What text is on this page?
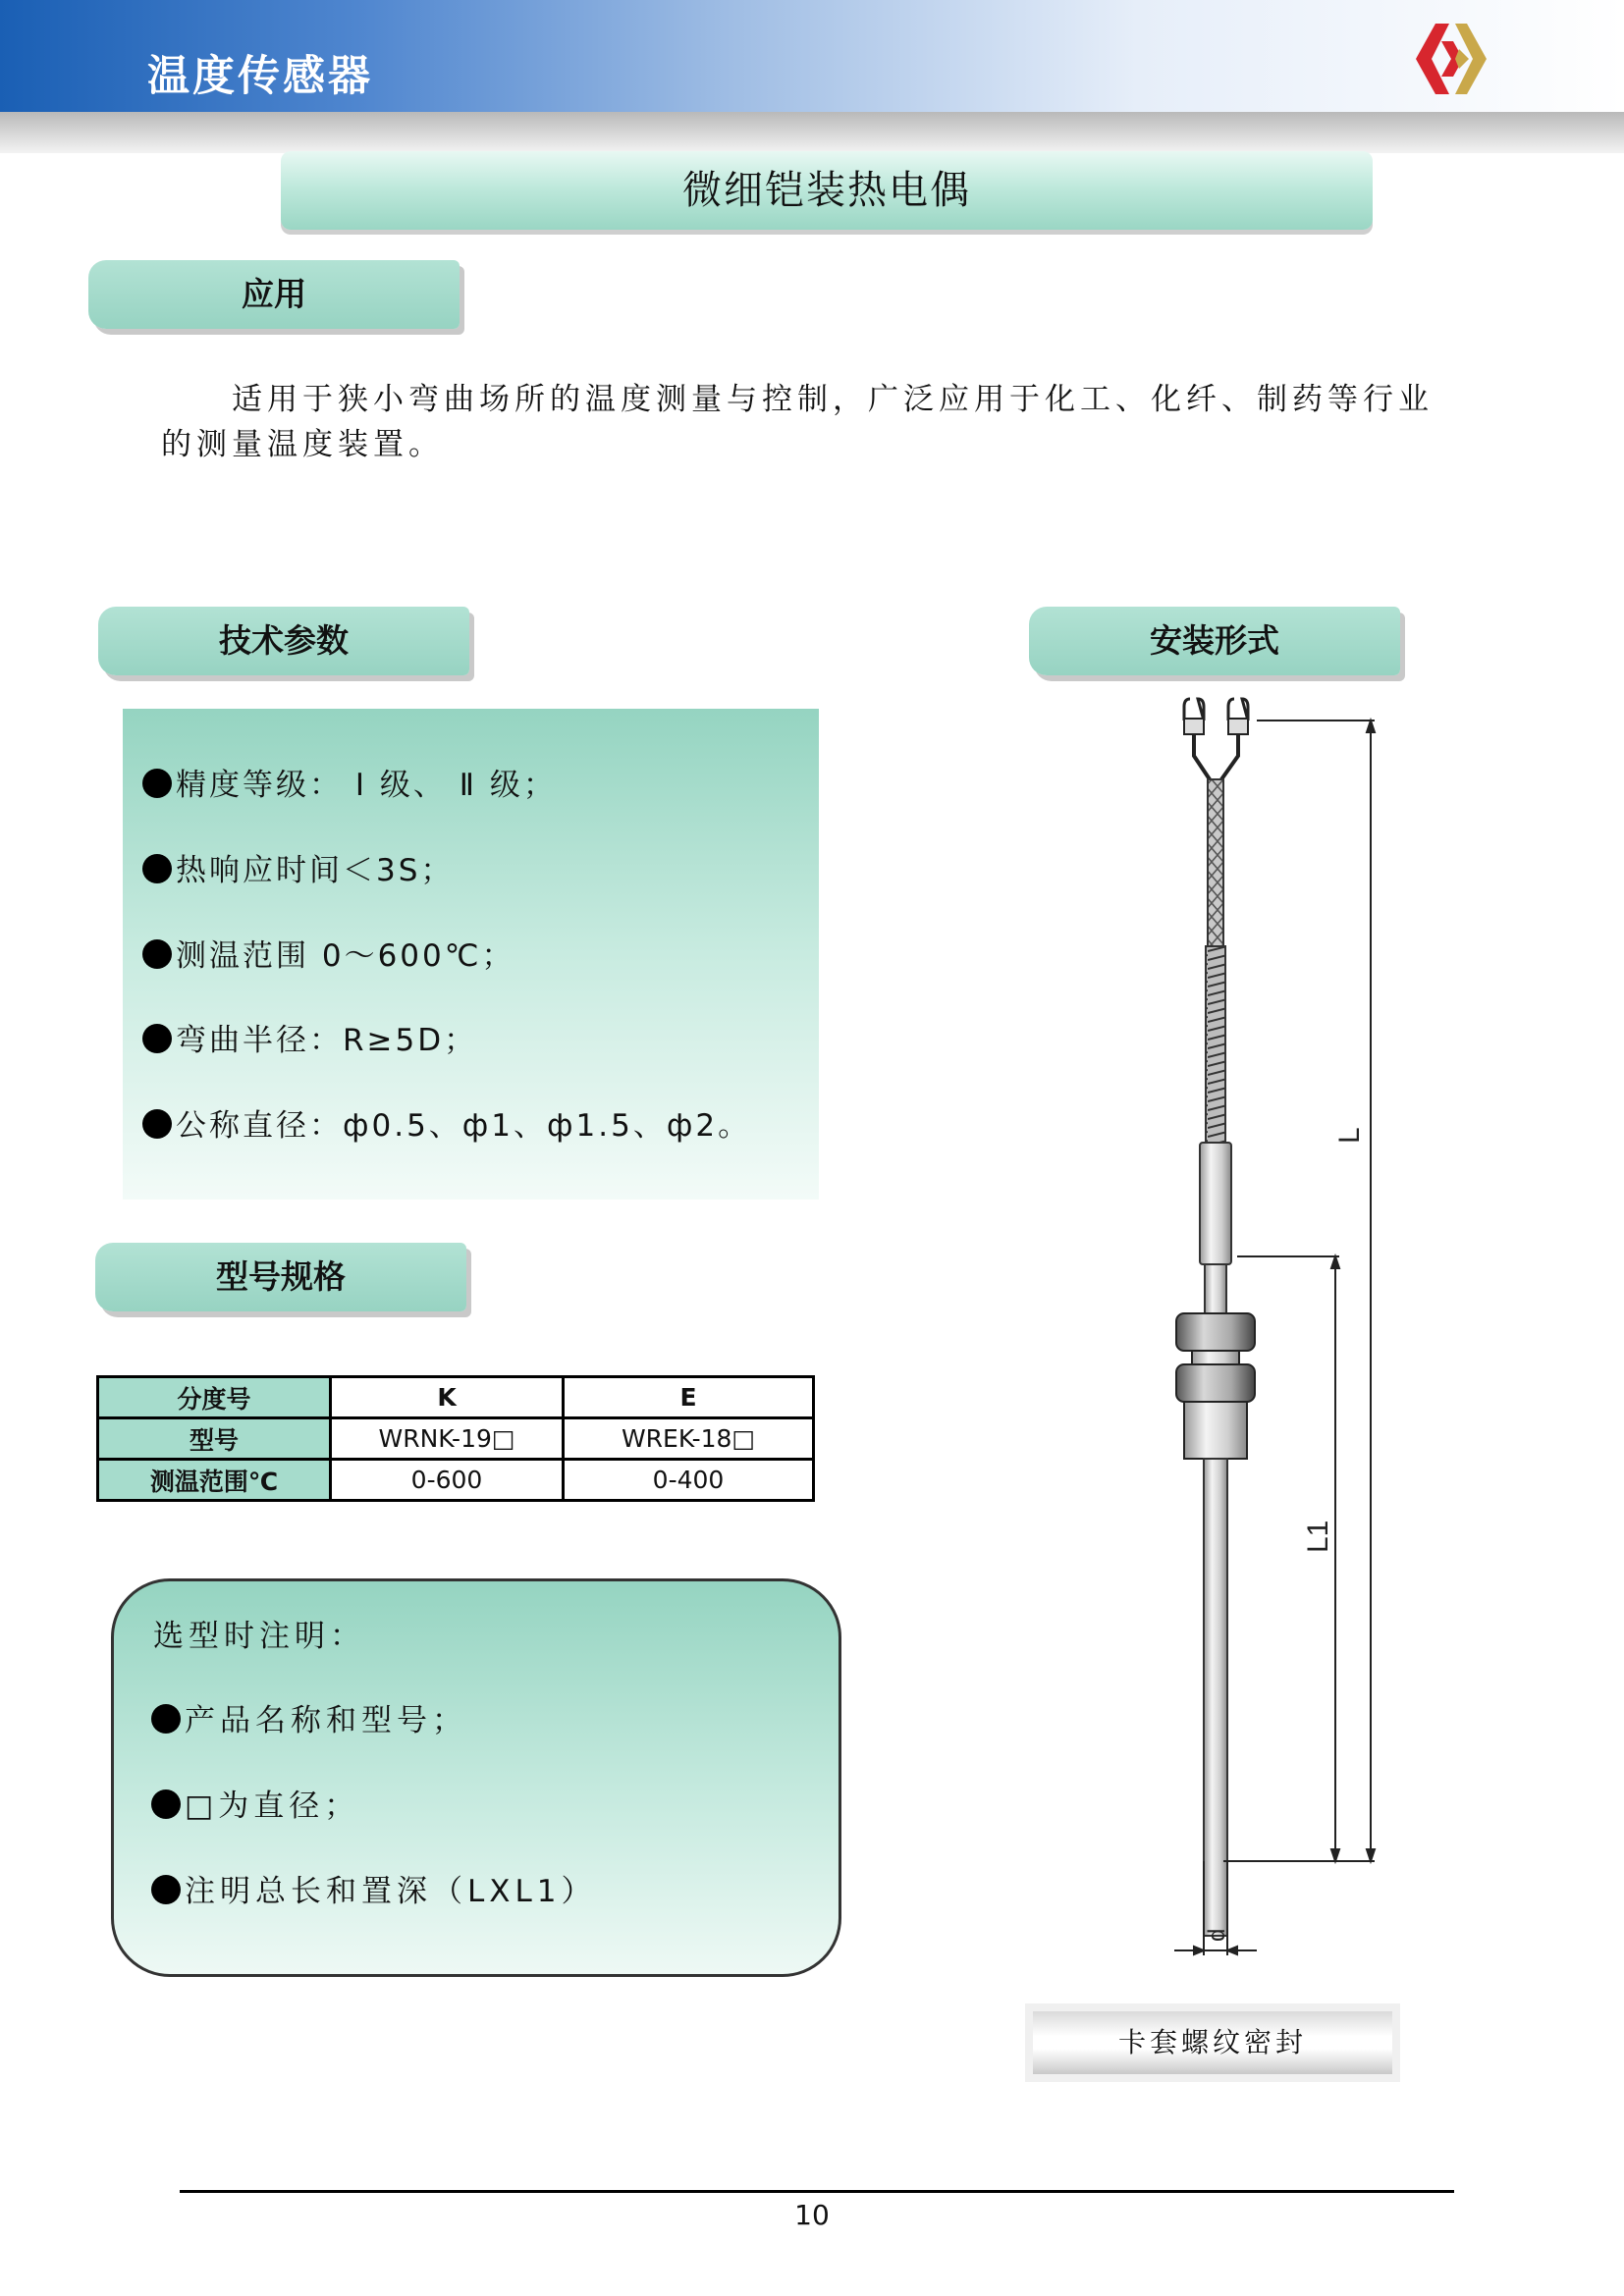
温度传感器
微细铠装热电偶
应用
适用于狭小弯曲场所的温度测量与控制，广泛应用于化工、化纤、制药等行业
的测量温度装置。
技术参数
精度等级： Ⅰ 级、 Ⅱ 级；
热响应时间＜3S；
测温范围 0～600℃；
弯曲半径：R≥5D；
公称直径：ф0.5、ф1、ф1.5、ф2。
型号规格
分度号	K	E
型号	WRNK-19□	WREK-18□
测温范围℃	0-600	0-400
选型时注明：
产品名称和型号；
□为直径；
注明总长和置深（LXL1）
安装形式
L
L1
d
卡套螺纹密封
10
